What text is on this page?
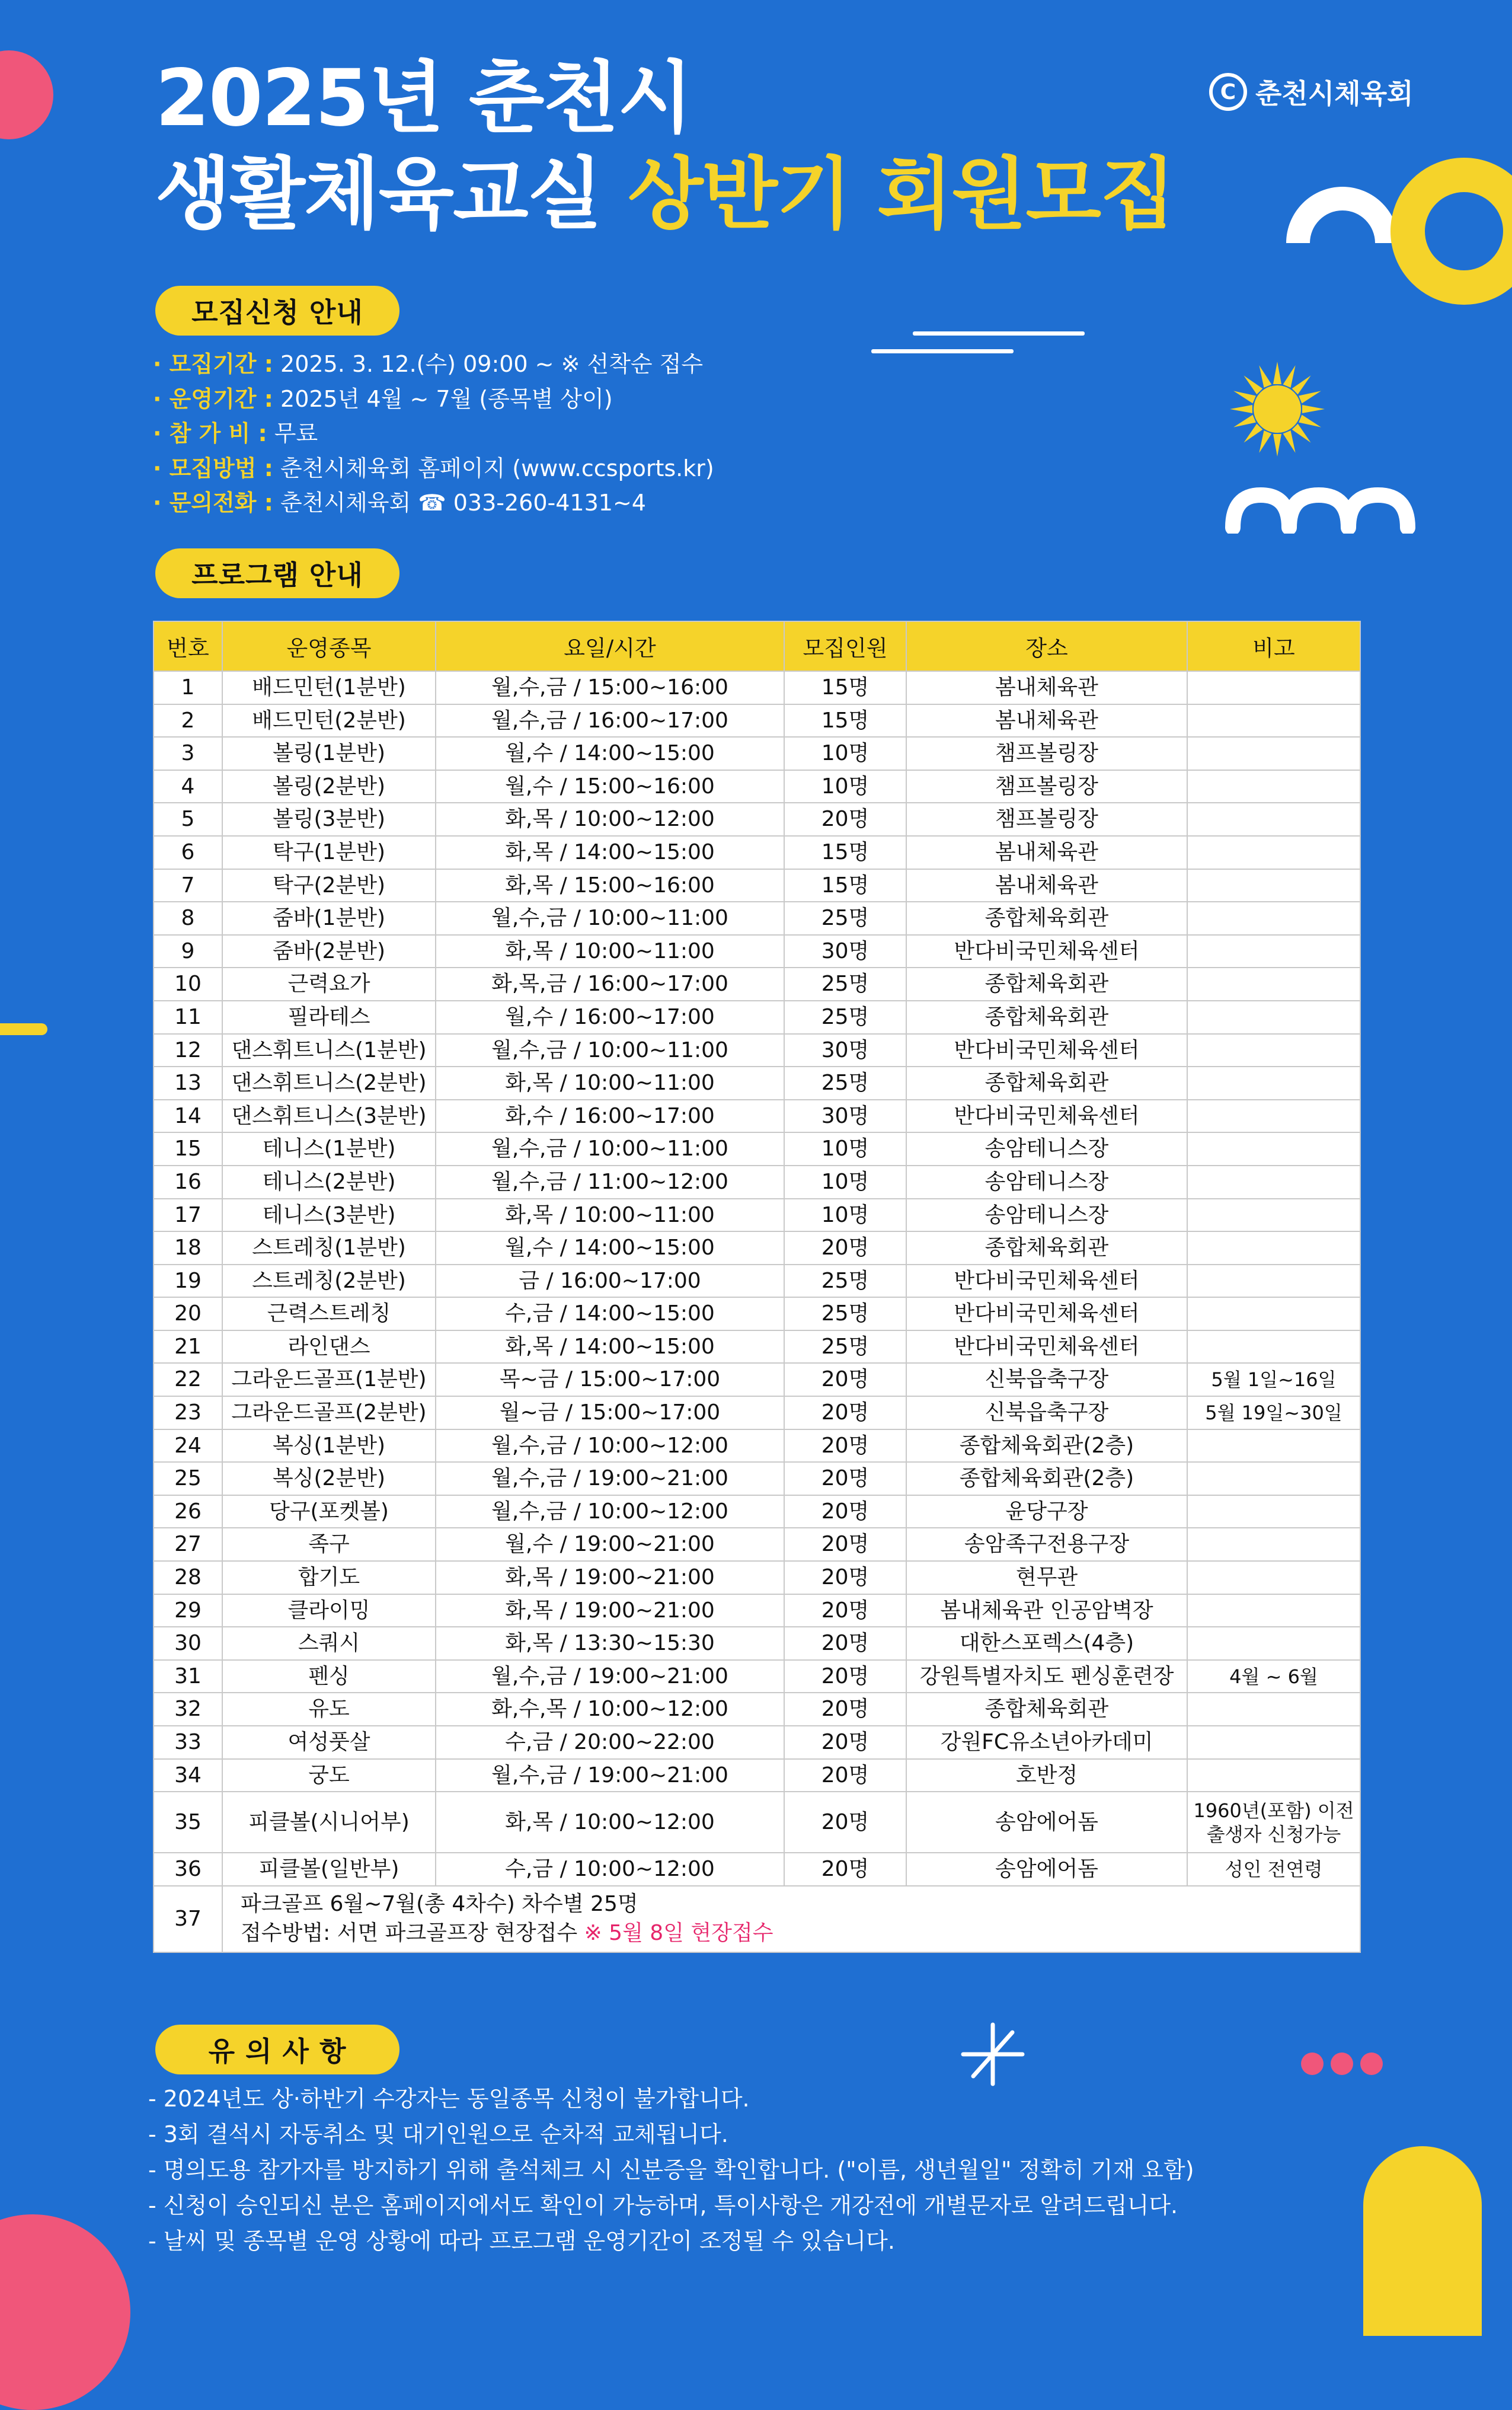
2025년 춘천시
생활체육교실 상반기 회원모집
C 춘천시체육회
모집신청 안내
· 모집기간 : 2025. 3. 12.(수) 09:00 ~ ※ 선착순 접수
· 운영기간 : 2025년 4월 ~ 7월 (종목별 상이)
· 참 가 비 : 무료
· 모집방법 : 춘천시체육회 홈페이지 (www.ccsports.kr)
· 문의전화 : 춘천시체육회 ☎ 033-260-4131~4
프로그램 안내
번호	운영종목	요일/시간	모집인원	장소	비고
1	배드민턴(1분반)	월,수,금 / 15:00~16:00	15명	봄내체육관	
2	배드민턴(2분반)	월,수,금 / 16:00~17:00	15명	봄내체육관	
3	볼링(1분반)	월,수 / 14:00~15:00	10명	챔프볼링장	
4	볼링(2분반)	월,수 / 15:00~16:00	10명	챔프볼링장	
5	볼링(3분반)	화,목 / 10:00~12:00	20명	챔프볼링장	
6	탁구(1분반)	화,목 / 14:00~15:00	15명	봄내체육관	
7	탁구(2분반)	화,목 / 15:00~16:00	15명	봄내체육관	
8	줌바(1분반)	월,수,금 / 10:00~11:00	25명	종합체육회관	
9	줌바(2분반)	화,목 / 10:00~11:00	30명	반다비국민체육센터	
10	근력요가	화,목,금 / 16:00~17:00	25명	종합체육회관	
11	필라테스	월,수 / 16:00~17:00	25명	종합체육회관	
12	댄스휘트니스(1분반)	월,수,금 / 10:00~11:00	30명	반다비국민체육센터	
13	댄스휘트니스(2분반)	화,목 / 10:00~11:00	25명	종합체육회관	
14	댄스휘트니스(3분반)	화,수 / 16:00~17:00	30명	반다비국민체육센터	
15	테니스(1분반)	월,수,금 / 10:00~11:00	10명	송암테니스장	
16	테니스(2분반)	월,수,금 / 11:00~12:00	10명	송암테니스장	
17	테니스(3분반)	화,목 / 10:00~11:00	10명	송암테니스장	
18	스트레칭(1분반)	월,수 / 14:00~15:00	20명	종합체육회관	
19	스트레칭(2분반)	금 / 16:00~17:00	25명	반다비국민체육센터	
20	근력스트레칭	수,금 / 14:00~15:00	25명	반다비국민체육센터	
21	라인댄스	화,목 / 14:00~15:00	25명	반다비국민체육센터	
22	그라운드골프(1분반)	목~금 / 15:00~17:00	20명	신북읍축구장	5월 1일~16일
23	그라운드골프(2분반)	월~금 / 15:00~17:00	20명	신북읍축구장	5월 19일~30일
24	복싱(1분반)	월,수,금 / 10:00~12:00	20명	종합체육회관(2층)	
25	복싱(2분반)	월,수,금 / 19:00~21:00	20명	종합체육회관(2층)	
26	당구(포켓볼)	월,수,금 / 10:00~12:00	20명	윤당구장	
27	족구	월,수 / 19:00~21:00	20명	송암족구전용구장	
28	합기도	화,목 / 19:00~21:00	20명	현무관	
29	클라이밍	화,목 / 19:00~21:00	20명	봄내체육관 인공암벽장	
30	스쿼시	화,목 / 13:30~15:30	20명	대한스포렉스(4층)	
31	펜싱	월,수,금 / 19:00~21:00	20명	강원특별자치도 펜싱훈련장	4월 ~ 6월
32	유도	화,수,목 / 10:00~12:00	20명	종합체육회관	
33	여성풋살	수,금 / 20:00~22:00	20명	강원FC유소년아카데미	
34	궁도	월,수,금 / 19:00~21:00	20명	호반정	
35	피클볼(시니어부)	화,목 / 10:00~12:00	20명	송암에어돔	1960년(포함) 이전출생자 신청가능
36	피클볼(일반부)	수,금 / 10:00~12:00	20명	송암에어돔	성인 전연령
37	파크골프 6월~7월(총 4차수) 차수별 25명
접수방법: 서면 파크골프장 현장접수 ※ 5월 8일 현장접수				
유 의 사 항
- 2024년도 상·하반기 수강자는 동일종목 신청이 불가합니다.
- 3회 결석시 자동취소 및 대기인원으로 순차적 교체됩니다.
- 명의도용 참가자를 방지하기 위해 출석체크 시 신분증을 확인합니다. ("이름, 생년월일" 정확히 기재 요함)
- 신청이 승인되신 분은 홈페이지에서도 확인이 가능하며, 특이사항은 개강전에 개별문자로 알려드립니다.
- 날씨 및 종목별 운영 상황에 따라 프로그램 운영기간이 조정될 수 있습니다.
